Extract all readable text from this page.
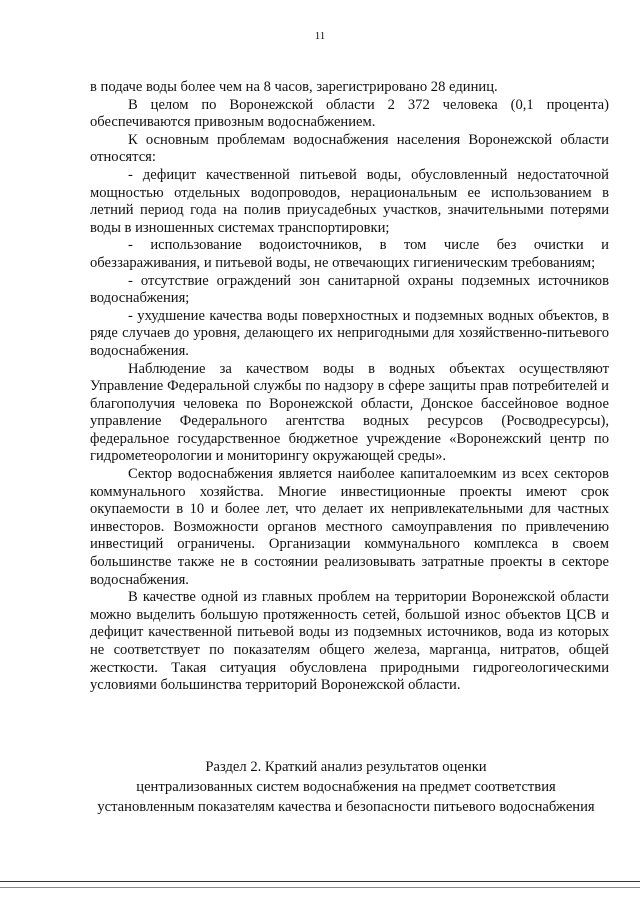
11

в подаче воды более чем на 8 часов, зарегистрировано 28 единиц.

В целом по Воронежской области 2 372 человека (0,1 процента) обеспечиваются привозным водоснабжением.

К основным проблемам водоснабжения населения Воронежской области относятся:

- дефицит качественной питьевой воды, обусловленный недостаточной мощностью отдельных водопроводов, нерациональным ее использованием в летний период года на полив приусадебных участков, значительными потерями воды в изношенных системах транспортировки;

- использование водоисточников, в том числе без очистки и обеззараживания, и питьевой воды, не отвечающих гигиеническим требованиям;

- отсутствие ограждений зон санитарной охраны подземных источников водоснабжения;

- ухудшение качества воды поверхностных и подземных водных объектов, в ряде случаев до уровня, делающего их непригодными для хозяйственно-питьевого водоснабжения.

Наблюдение за качеством воды в водных объектах осуществляют Управление Федеральной службы по надзору в сфере защиты прав потребителей и благополучия человека по Воронежской области, Донское бассейновое водное управление Федерального агентства водных ресурсов (Росводресурсы), федеральное государственное бюджетное учреждение «Воронежский центр по гидрометеорологии и мониторингу окружающей среды».

Сектор водоснабжения является наиболее капиталоемким из всех секторов коммунального хозяйства. Многие инвестиционные проекты имеют срок окупаемости в 10 и более лет, что делает их непривлекательными для частных инвесторов. Возможности органов местного самоуправления по привлечению инвестиций ограничены. Организации коммунального комплекса в своем большинстве также не в состоянии реализовывать затратные проекты в секторе водоснабжения.

В качестве одной из главных проблем на территории Воронежской области можно выделить большую протяженность сетей, большой износ объектов ЦСВ и дефицит качественной питьевой воды из подземных источников, вода из которых не соответствует по показателям общего железа, марганца, нитратов, общей жесткости. Такая ситуация обусловлена природными гидрогеологическими условиями большинства территорий Воронежской области.

Раздел 2. Краткий анализ результатов оценки
централизованных систем водоснабжения на предмет соответствия
установленным показателям качества и безопасности питьевого водоснабжения
